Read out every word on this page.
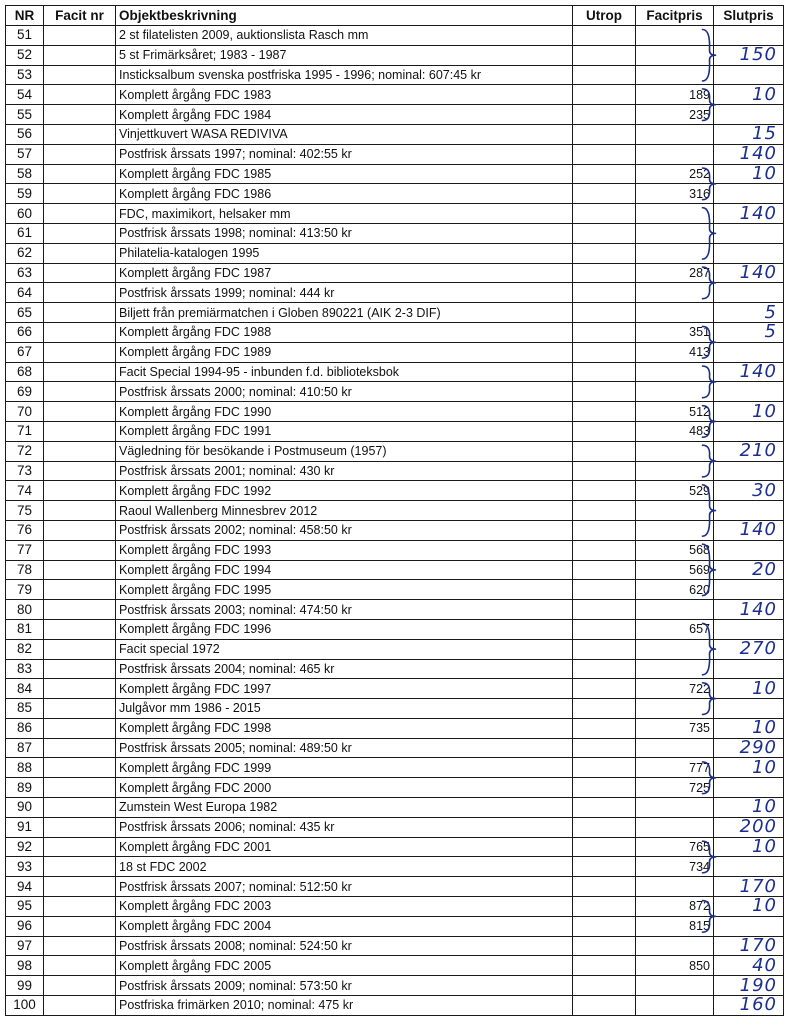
NR	Facit nr	Objektbeskrivning	Utrop	Facitpris	Slutpris
51		2 st filatelisten 2009, auktionslista Rasch mm			
52		5 st Frimärksåret; 1983 - 1987			150
53		Insticksalbum svenska postfriska 1995 - 1996; nominal: 607:45 kr			
54		Komplett årgång FDC 1983		189	10
55		Komplett årgång FDC 1984		235	
56		Vinjettkuvert WASA REDIVIVA			15
57		Postfrisk årssats 1997; nominal: 402:55 kr			140
58		Komplett årgång FDC 1985		252	10
59		Komplett årgång FDC 1986		316	
60		FDC, maximikort, helsaker mm			140
61		Postfrisk årssats 1998; nominal: 413:50 kr			
62		Philatelia-katalogen 1995			
63		Komplett årgång FDC 1987		287	140
64		Postfrisk årssats 1999; nominal: 444 kr			
65		Biljett från premiärmatchen i Globen 890221 (AIK 2-3 DIF)			5
66		Komplett årgång FDC 1988		351	5
67		Komplett årgång FDC 1989		413	
68		Facit Special 1994-95 - inbunden f.d. biblioteksbok			140
69		Postfrisk årssats 2000; nominal: 410:50 kr			
70		Komplett årgång FDC 1990		512	10
71		Komplett årgång FDC 1991		483	
72		Vägledning för besökande i Postmuseum (1957)			210
73		Postfrisk årssats 2001; nominal: 430 kr			
74		Komplett årgång FDC 1992		529	30
75		Raoul Wallenberg Minnesbrev 2012			
76		Postfrisk årssats 2002; nominal: 458:50 kr			140
77		Komplett årgång FDC 1993		568	
78		Komplett årgång FDC 1994		569	20
79		Komplett årgång FDC 1995		620	
80		Postfrisk årssats 2003; nominal: 474:50 kr			140
81		Komplett årgång FDC 1996		657	
82		Facit special 1972			270
83		Postfrisk årssats 2004; nominal: 465 kr			
84		Komplett årgång FDC 1997		722	10
85		Julgåvor mm 1986 - 2015			
86		Komplett årgång FDC 1998		735	10
87		Postfrisk årssats 2005; nominal: 489:50 kr			290
88		Komplett årgång FDC 1999		777	10
89		Komplett årgång FDC 2000		725	
90		Zumstein West Europa 1982			10
91		Postfrisk årssats 2006; nominal: 435 kr			200
92		Komplett årgång FDC 2001		765	10
93		18 st FDC 2002		734	
94		Postfrisk årssats 2007; nominal: 512:50 kr			170
95		Komplett årgång FDC 2003		872	10
96		Komplett årgång FDC 2004		815	
97		Postfrisk årssats 2008; nominal: 524:50 kr			170
98		Komplett årgång FDC 2005		850	40
99		Postfrisk årssats 2009; nominal: 573:50 kr			190
100		Postfriska frimärken 2010; nominal: 475 kr			160
